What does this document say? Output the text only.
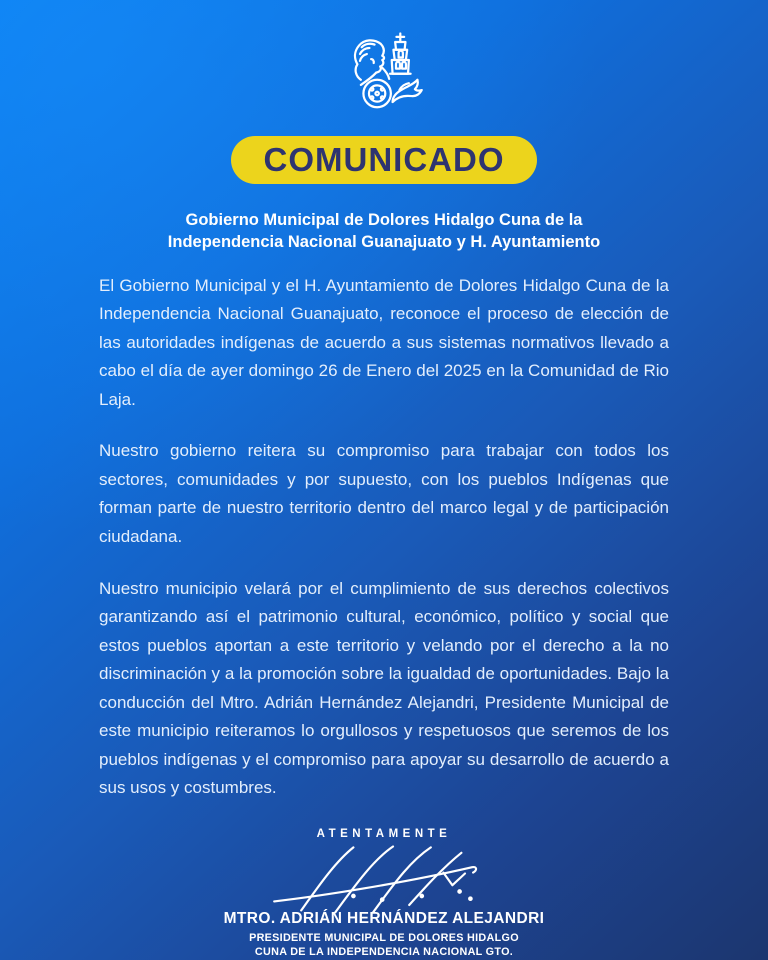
COMUNICADO
Gobierno Municipal de Dolores Hidalgo Cuna de la
Independencia Nacional Guanajuato y H. Ayuntamiento

El Gobierno Municipal y el H. Ayuntamiento de Dolores Hidalgo Cuna de la Independencia Nacional Guanajuato, reconoce el proceso de elección de las autoridades indígenas de acuerdo a sus sistemas normativos llevado a cabo el día de ayer domingo 26 de Enero del 2025 en la Comunidad de Rio Laja.

Nuestro gobierno reitera su compromiso para trabajar con todos los sectores, comunidades y por supuesto, con los pueblos Indígenas que forman parte de nuestro territorio dentro del marco legal y de participación ciudadana.

Nuestro municipio velará por el cumplimiento de sus derechos colectivos garantizando así el patrimonio cultural, económico, político y social que estos pueblos aportan a este territorio y velando por el derecho a la no discriminación y a la promoción sobre la igualdad de oportunidades. Bajo la conducción del Mtro. Adrián Hernández Alejandri, Presidente Municipal de este municipio reiteramos lo orgullosos y respetuosos que seremos de los pueblos indígenas y el compromiso para apoyar su desarrollo de acuerdo a sus usos y costumbres.

ATENTAMENTE
MTRO. ADRIÁN HERNÁNDEZ ALEJANDRI
PRESIDENTE MUNICIPAL DE DOLORES HIDALGO
CUNA DE LA INDEPENDENCIA NACIONAL GTO.
